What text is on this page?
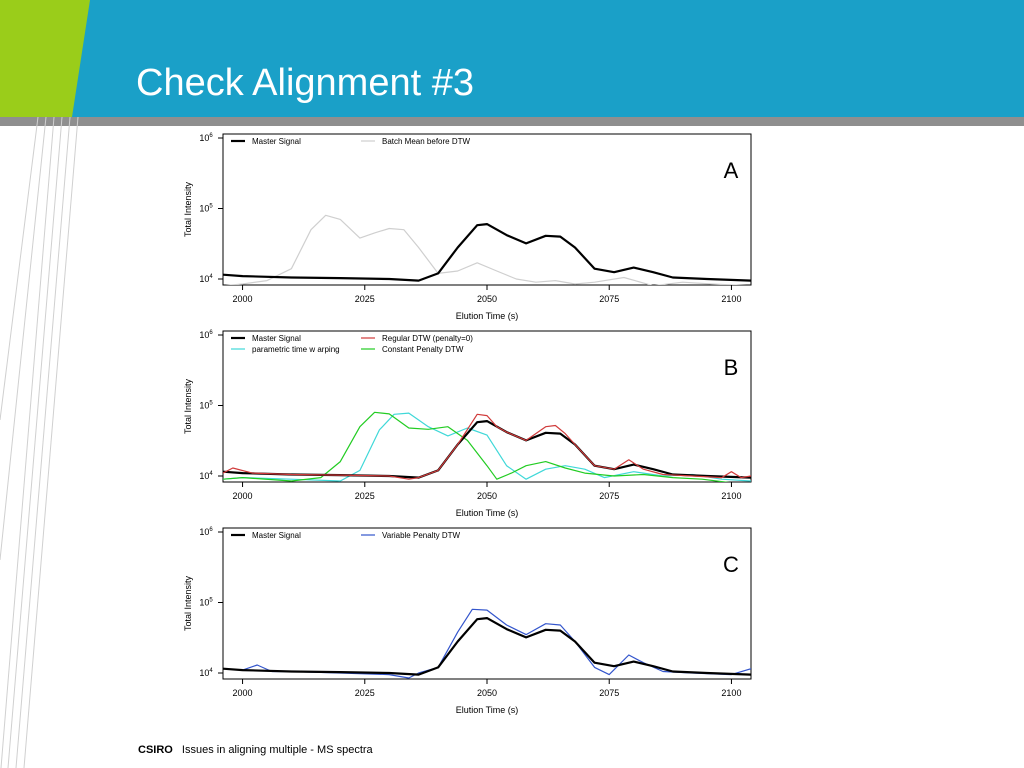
Check Alignment #3
2000	2025	2050	2075	2100
$10^4$
$10^5$
$10^6$
Elution Time (s)
Total Intensity
Master Signal	Batch Mean before DTW
A
2000	2025	2050	2075	2100
$10^4$
$10^5$
$10^6$
Elution Time (s)
Total Intensity
Master Signal	Regular DTW (penalty=0)
parametric time w arping	Constant Penalty DTW
B
2000	2025	2050	2075	2100
$10^4$
$10^5$
$10^6$
Elution Time (s)
Total Intensity
Master Signal	Variable Penalty DTW
C
CSIRO Issues in aligning multiple - MS spectra
